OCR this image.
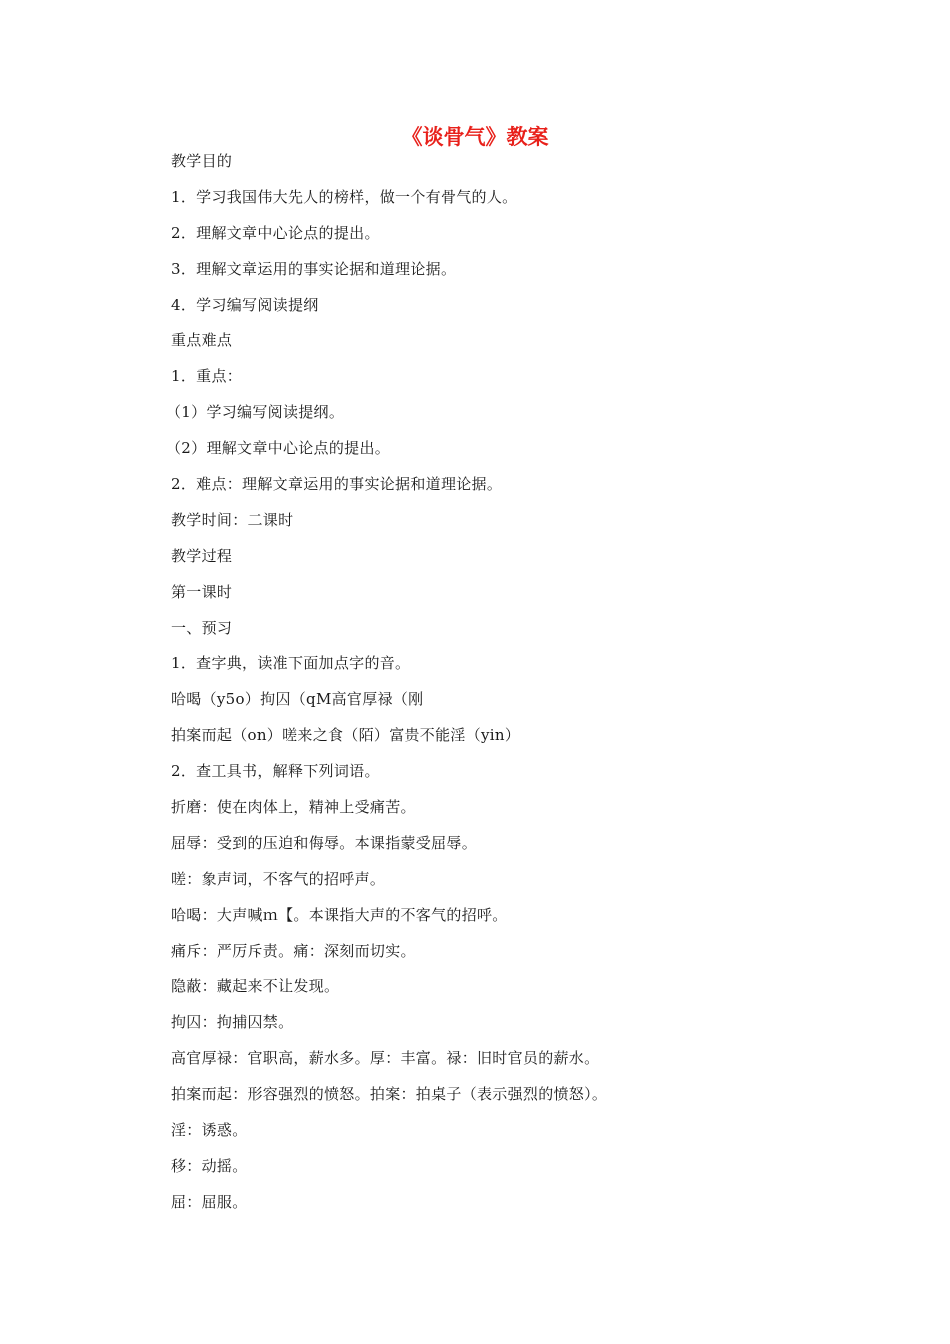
《谈骨气》教案
教学目的
1．学习我国伟大先人的榜样，做一个有骨气的人。
2．理解文章中心论点的提出。
3．理解文章运用的事实论据和道理论据。
4．学习编写阅读提纲
重点难点
1．重点：
（1）学习编写阅读提纲。
（2）理解文章中心论点的提出。
2．难点：理解文章运用的事实论据和道理论据。
教学时间：二课时
教学过程
第一课时
一、预习
1．查字典，读准下面加点字的音。
哈喝（y5o）拘囚（qM高官厚禄（刚
拍案而起（on）嗟来之食（陌）富贵不能淫（yin）
2．查工具书，解释下列词语。
折磨：使在肉体上，精神上受痛苦。
屈辱：受到的压迫和侮辱。本课指蒙受屈辱。
嗟：象声词，不客气的招呼声。
哈喝：大声喊ｍ【。本课指大声的不客气的招呼。
痛斥：严厉斥责。痛：深刻而切实。
隐蔽：藏起来不让发现。
拘囚：拘捕囚禁。
高官厚禄：官职高，薪水多。厚：丰富。禄：旧时官员的薪水。
拍案而起：形容强烈的愤怒。拍案：拍桌子（表示强烈的愤怒）。
淫：诱惑。
移：动摇。
屈：屈服。
